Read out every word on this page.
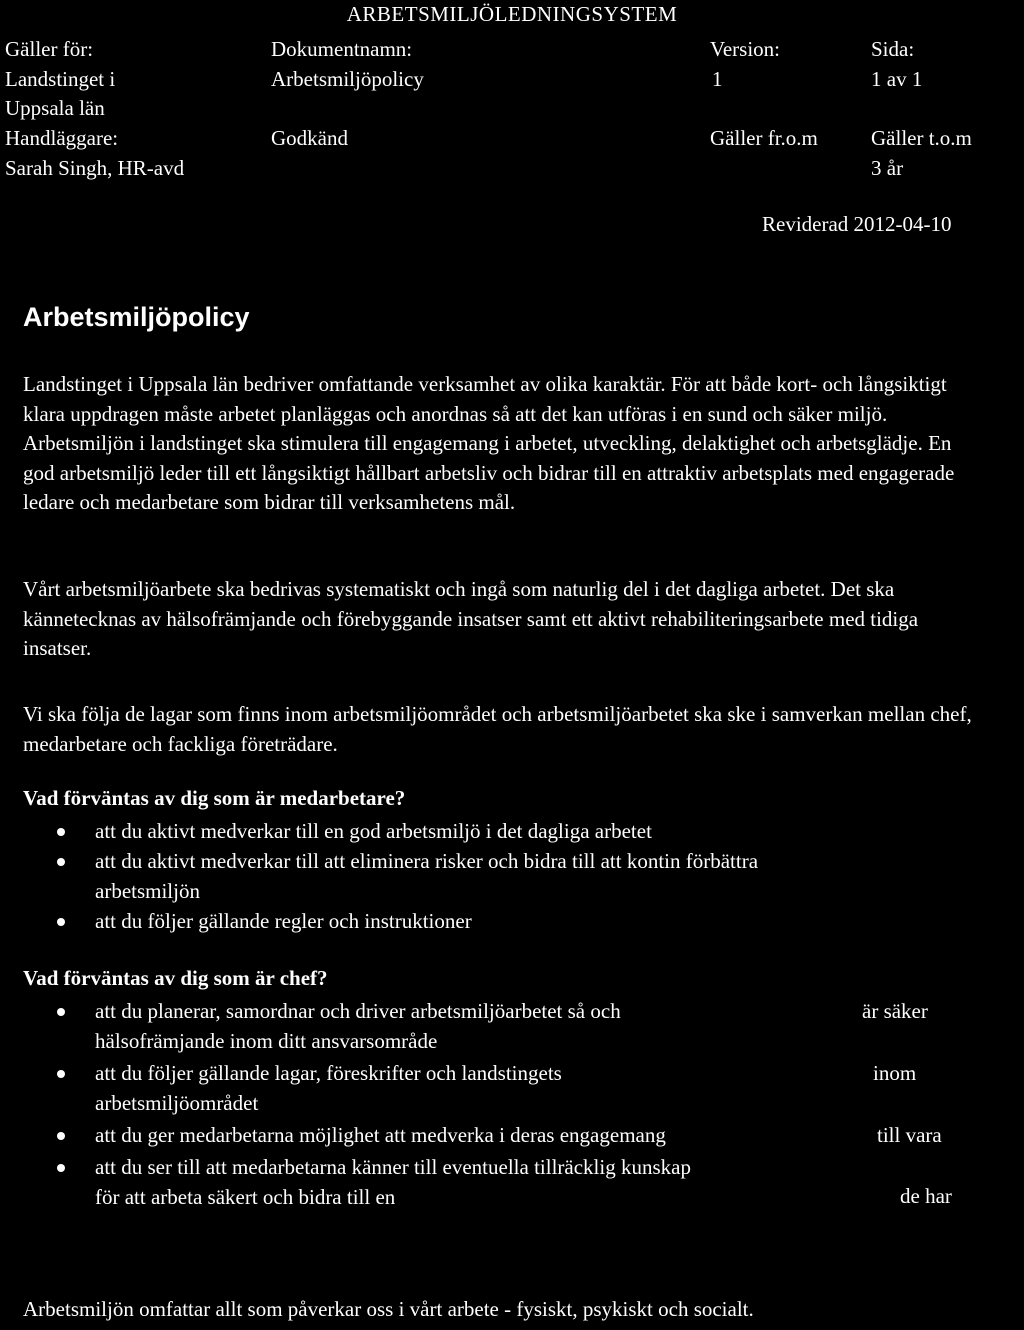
ARBETSMILJÖLEDNINGSYSTEM
Gäller för:
Landstinget i
Uppsala län
Handläggare:
Sarah Singh, HR-avd
Dokumentnamn:
Arbetsmiljöpolicy
Godkänd
Version:
1
Gäller fr.o.m
Sida:
1 av 1
Gäller t.o.m
3 år
Reviderad 2012-04-10
Arbetsmiljöpolicy

Landstinget i Uppsala län bedriver omfattande verksamhet av olika karaktär. För att både kort- och långsiktigt klara uppdragen måste arbetet planläggas och anordnas så att det kan utföras i en sund och säker miljö. Arbetsmiljön i landstinget ska stimulera till engagemang i arbetet, utveckling, delaktighet och arbetsglädje. En god arbetsmiljö leder till ett långsiktigt hållbart arbetsliv och bidrar till en attraktiv arbetsplats med engagerade ledare och medarbetare som bidrar till verksamhetens mål.

Vårt arbetsmiljöarbete ska bedrivas systematiskt och ingå som naturlig del i det dagliga arbetet. Det ska kännetecknas av hälsofrämjande och förebyggande insatser samt ett aktivt rehabiliteringsarbete med tidiga insatser.

Vi ska följa de lagar som finns inom arbetsmiljöområdet och arbetsmiljöarbetet ska ske i samverkan mellan chef, medarbetare och fackliga företrädare.

Vad förväntas av dig som är medarbetare?
att du aktivt medverkar till en god arbetsmiljö i det dagliga arbetet
att du aktivt medverkar till att eliminera risker och bidra till att kontin förbättra arbetsmiljön
att du följer gällande regler och instruktioner
Vad förväntas av dig som är chef?
att du planerar, samordnar och driver arbetsmiljöarbetet så och hälsofrämjande inom ditt ansvarsområde
att du följer gällande lagar, föreskrifter och landstingets arbetsmiljöområdet
att du ger medarbetarna möjlighet att medverka i deras engagemang
att du ser till att medarbetarna känner till eventuella tillräcklig kunskap för att arbeta säkert och bidra till en
är säker
inom
till vara
de har

Arbetsmiljön omfattar allt som påverkar oss i vårt arbete - fysiskt, psykiskt och socialt.
